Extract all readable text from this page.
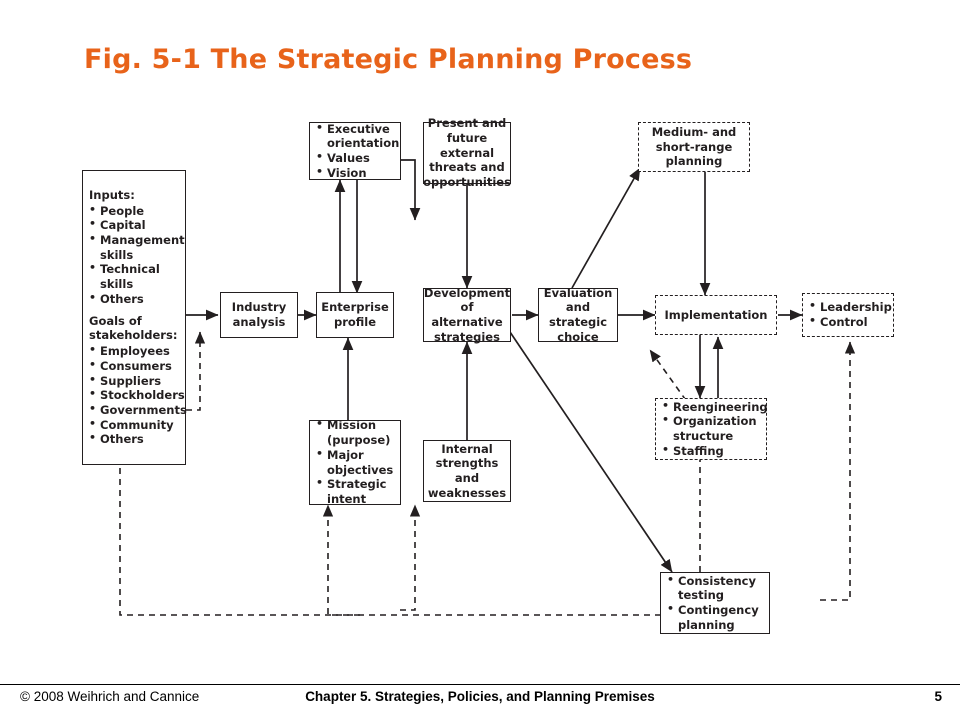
Fig. 5-1 The Strategic Planning Process
Inputs:
• People
• Capital
• Management skills
• Technical skills
• Others
Goals of stakeholders:
• Employees
• Consumers
• Suppliers
• Stockholders
• Governments
• Community
• Others
Industry analysis
Enterprise profile
• Executive orientation
• Values
• Vision
• Mission (purpose)
• Major objectives
• Strategic intent
Present and future external threats and opportunities
Development of alternative strategies
Internal strengths and weaknesses
Evaluation and strategic choice
Medium- and short-range planning
Implementation
• Reengineering
• Organization structure
• Staffing
• Leadership
• Control
• Consistency testing
• Contingency planning
© 2008 Weihrich and Cannice	Chapter 5. Strategies, Policies, and Planning Premises	5
